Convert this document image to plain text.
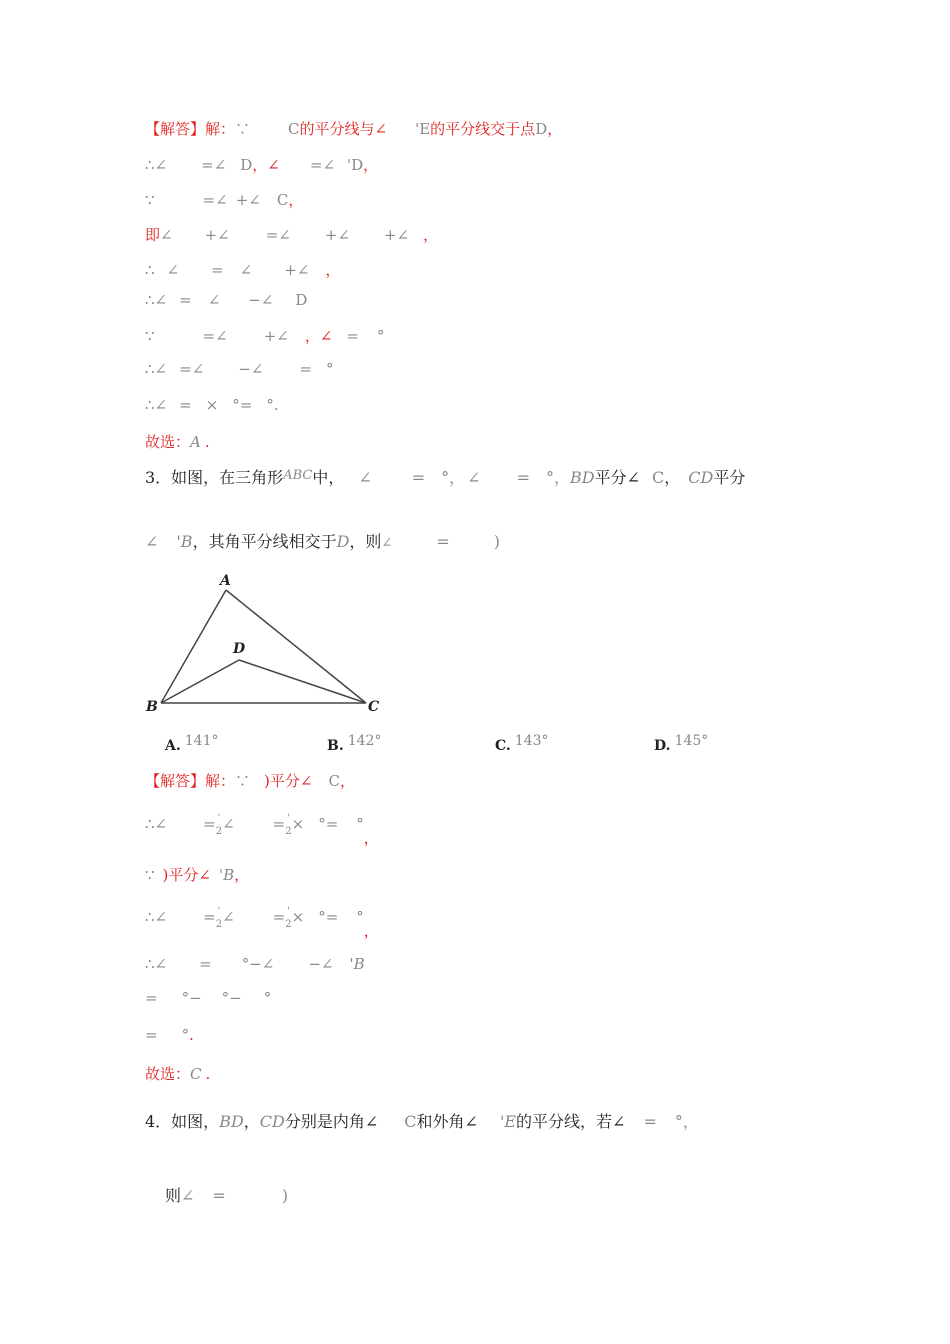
【解答】解：∵	C的平分线与∠ 'E的平分线交于点D，
∴∠ =∠ D，∠ =∠ 'D，
∵	=∠ +∠ C，
即∠ +∠ =∠ +∠ +∠ ，
∴ ∠ = ∠ +∠ ，
∴∠ = ∠ −∠ D
∵	=∠ +∠ ，∠ = °
∴∠ =∠ −∠ = °
∴∠ = × °= °.
故选：A .
3．如图，在三角形$^{ABC}$中， ∠	= °， ∠ = °，BD平分∠ C， CD平分
∠ 'B，其角平分线相交于D，则∠	=	)
A
D
B	C
A. 141°	B. 142°	C. 143°	D. 145°
【解答】解：∵ )平分∠ C，
∴∠ = '
2∠	= '
2× °= °，
∵ )平分∠ 'B，
∴∠ = '
2∠	= '
2× °= °，
∴∠ = °−∠ −∠ 'B
= °− °− °
= °.
故选：C .
4．如图，BD，CD分别是内角∠ C和外角∠ 'E的平分线，若∠ = °，
则∠ =	)
